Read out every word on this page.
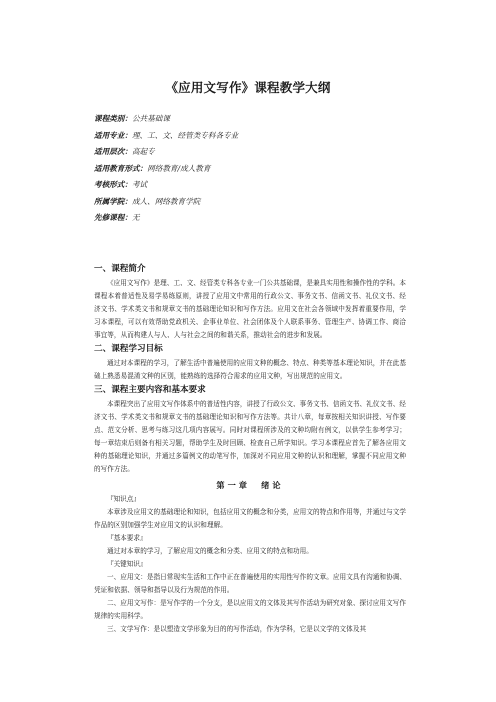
《应用文写作》课程教学大纲
课程类别：公共基础课
适用专业：理、工、文、经管类专科各专业
适用层次：高起专
适用教育形式：网络教育/成人教育
考核形式：考试
所属学院：成人、网络教育学院
先修课程：无
一、课程简介

《应用文写作》是理、工、文、经管类专科各专业一门公共基础课，是兼具实用性和操作性的学科。本课程本着普适性及易学易练原则，讲授了应用文中常用的行政公文、事务文书、信函文书、礼仪文书、经济文书、学术类文书和规章文书的基础理论知识和写作方法。应用文在社会各领域中发挥着重要作用，学习本课程，可以有效帮助党政机关、企事业单位、社会团体及个人联系事务、管理生产、协调工作、商洽事宜等，从而构建人与人、人与社会之间的和谐关系，推动社会的进步和发展。

二、课程学习目标

通过对本课程的学习，了解生活中普遍使用的应用文种的概念、特点、种类等基本理论知识，并在此基础上熟悉易混淆文种的区别，能熟练的选择符合需求的应用文种，写出规范的应用文。

三、课程主要内容和基本要求

本课程突出了应用文写作体系中的普适性内容，讲授了行政公文、事务文书、信函文书、礼仪文书、经济文书、学术类文书和规章文书的基础理论知识和写作方法等。共计八章，每章按相关知识讲授、写作要点、范文分析、思考与练习这几项内容展写。同时对课程所涉及的文种均附有例文，以供学生参考学习；每一章结束后则备有相关习题，帮助学生及时回顾、检查自己所学知识。学习本课程应首先了解各应用文种的基础理论知识，并通过多篇例文的动笔写作，加深对不同应用文种的认识和理解，掌握不同应用文种的写作方法。

第一章　绪论

『知识点』

本章涉及应用文的基础理论和知识，包括应用文的概念和分类，应用文的特点和作用等，并通过与文学作品的区别加强学生对应用文的认识和理解。

『基本要求』

通过对本章的学习，了解应用文的概念和分类、应用文的特点和功用。

『关键知识』

一、应用文：是指日常现实生活和工作中正在普遍使用的实用性写作的文章。应用文具有沟通和协调、凭证和依据、领导和指导以及行为规范的作用。

二、应用文写作：是写作学的一个分支，是以应用文的文体及其写作活动为研究对象、探讨应用文写作规律的实用科学。

三、文学写作：是以塑造文学形象为目的的写作活动，作为学科，它是以文学的文体及其
